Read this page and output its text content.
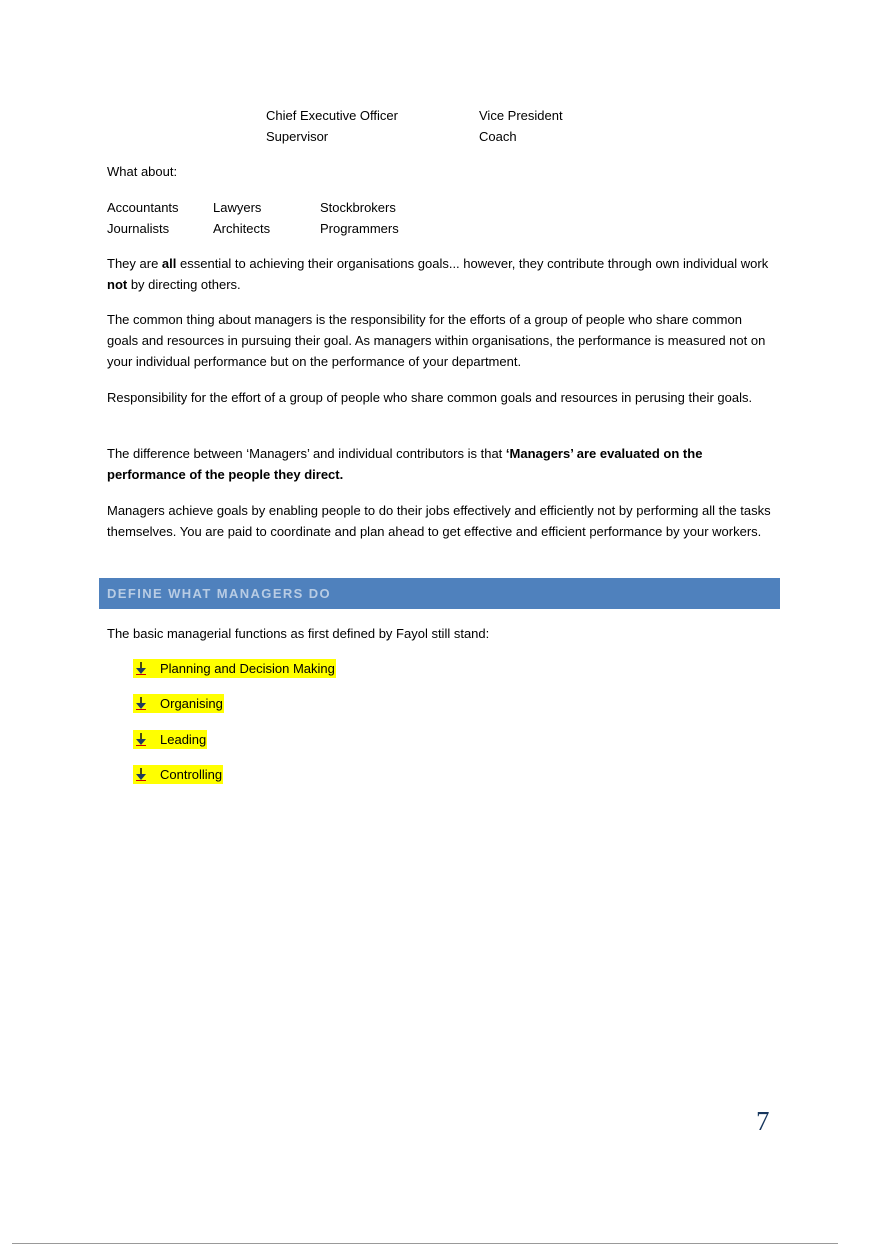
Chief Executive Officer	Vice President
Supervisor	Coach
What about:
Accountants	Lawyers	Stockbrokers
Journalists	Architects	Programmers
They are all essential to achieving their organisations goals... however, they contribute through own individual work not by directing others.
The common thing about managers is the responsibility for the efforts of a group of people who share common goals and resources in pursuing their goal. As managers within organisations, the performance is measured not on your individual performance but on the performance of your department.
Responsibility for the effort of a group of people who share common goals and resources in perusing their goals.
The difference between ‘Managers’ and individual contributors is that ‘Managers’ are evaluated on the performance of the people they direct.
Managers achieve goals by enabling people to do their jobs effectively and efficiently not by performing all the tasks themselves. You are paid to coordinate and plan ahead to get effective and efficient performance by your workers.
DEFINE WHAT MANAGERS DO
The basic managerial functions as first defined by Fayol still stand:
Planning and Decision Making
Organising
Leading
Controlling
7
